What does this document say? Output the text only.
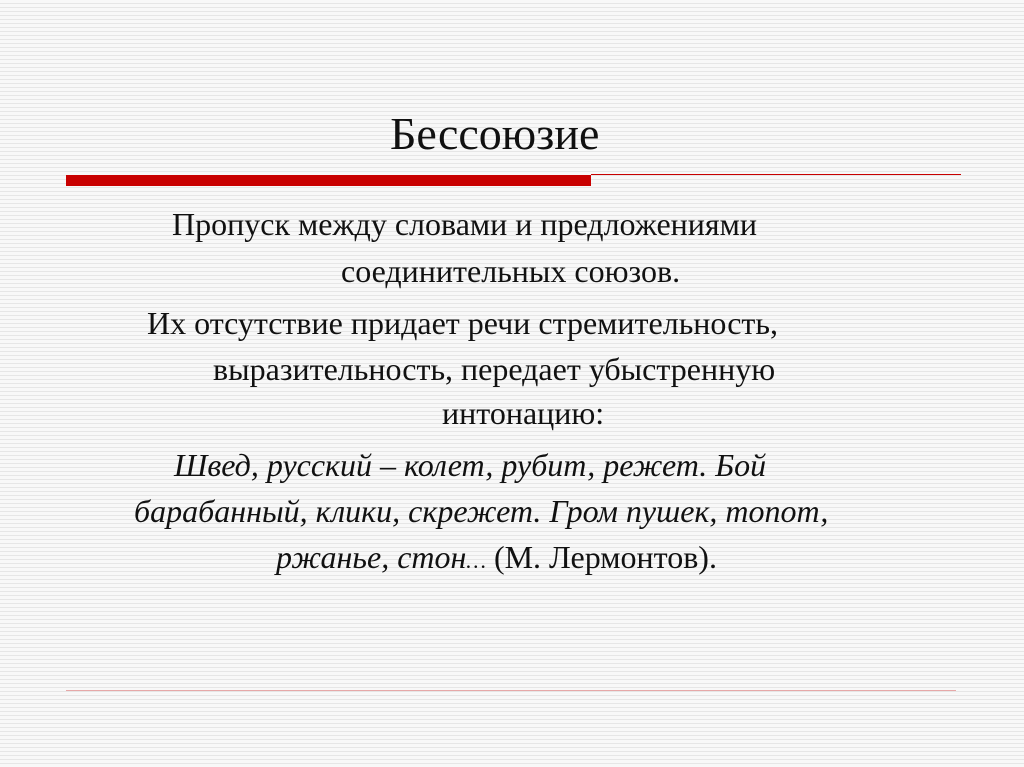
Бессоюзие
Пропуск между словами и предложениями
соединительных союзов.
Их отсутствие придает речи стремительность,
выразительность, передает убыстренную
интонацию:
Швед, русский – колет, рубит, режет. Бой
барабанный, клики, скрежет. Гром пушек, топот,
ржанье, стон… (М. Лермонтов).
